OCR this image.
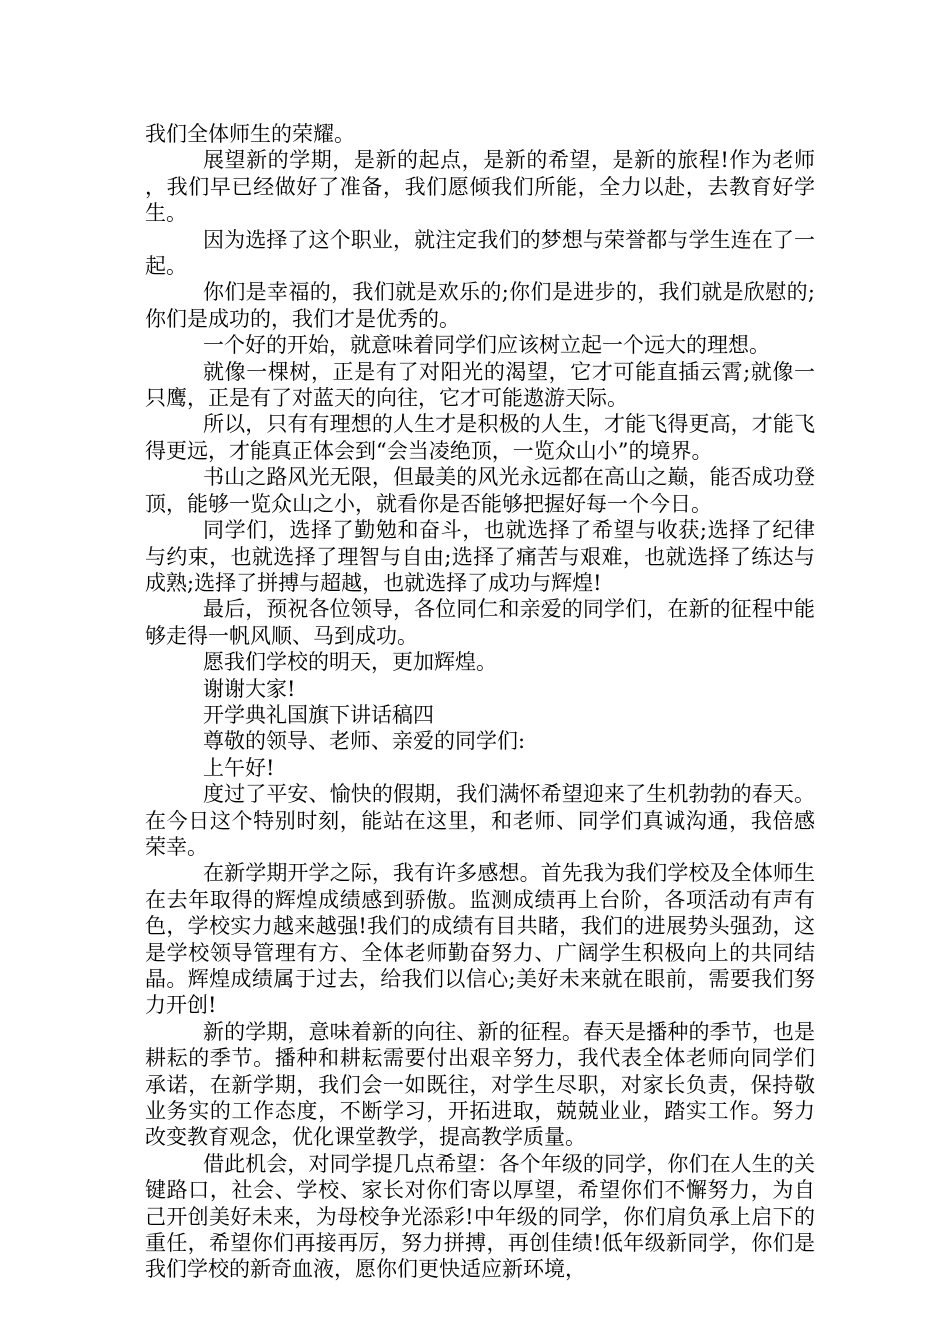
我们全体师生的荣耀。

展望新的学期，是新的起点，是新的希望，是新的旅程!作为老师，我们早已经做好了准备，我们愿倾我们所能，全力以赴，去教育好学生。

因为选择了这个职业，就注定我们的梦想与荣誉都与学生连在了一起。

你们是幸福的，我们就是欢乐的;你们是进步的，我们就是欣慰的;你们是成功的，我们才是优秀的。

一个好的开始，就意味着同学们应该树立起一个远大的理想。

就像一棵树，正是有了对阳光的渴望，它才可能直插云霄;就像一只鹰，正是有了对蓝天的向往，它才可能遨游天际。

所以，只有有理想的人生才是积极的人生，才能飞得更高，才能飞得更远，才能真正体会到“会当凌绝顶，一览众山小”的境界。

书山之路风光无限，但最美的风光永远都在高山之巅，能否成功登顶，能够一览众山之小，就看你是否能够把握好每一个今日。

同学们，选择了勤勉和奋斗，也就选择了希望与收获;选择了纪律与约束，也就选择了理智与自由;选择了痛苦与艰难，也就选择了练达与成熟;选择了拼搏与超越，也就选择了成功与辉煌!

最后，预祝各位领导，各位同仁和亲爱的同学们，在新的征程中能够走得一帆风顺、马到成功。

愿我们学校的明天，更加辉煌。

谢谢大家!

开学典礼国旗下讲话稿四

尊敬的领导、老师、亲爱的同学们:

上午好!

度过了平安、愉快的假期，我们满怀希望迎来了生机勃勃的春天。在今日这个特别时刻，能站在这里，和老师、同学们真诚沟通，我倍感荣幸。

在新学期开学之际，我有许多感想。首先我为我们学校及全体师生在去年取得的辉煌成绩感到骄傲。监测成绩再上台阶，各项活动有声有色，学校实力越来越强!我们的成绩有目共睹，我们的进展势头强劲，这是学校领导管理有方、全体老师勤奋努力、广阔学生积极向上的共同结晶。辉煌成绩属于过去，给我们以信心;美好未来就在眼前，需要我们努力开创!

新的学期，意味着新的向往、新的征程。春天是播种的季节，也是耕耘的季节。播种和耕耘需要付出艰辛努力，我代表全体老师向同学们承诺，在新学期，我们会一如既往，对学生尽职，对家长负责，保持敬业务实的工作态度，不断学习，开拓进取，兢兢业业，踏实工作。努力改变教育观念，优化课堂教学，提高教学质量。

借此机会，对同学提几点希望：各个年级的同学，你们在人生的关键路口，社会、学校、家长对你们寄以厚望，希望你们不懈努力，为自己开创美好未来，为母校争光添彩!中年级的同学，你们肩负承上启下的重任，希望你们再接再厉，努力拼搏，再创佳绩!低年级新同学，你们是我们学校的新奇血液，愿你们更快适应新环境，
